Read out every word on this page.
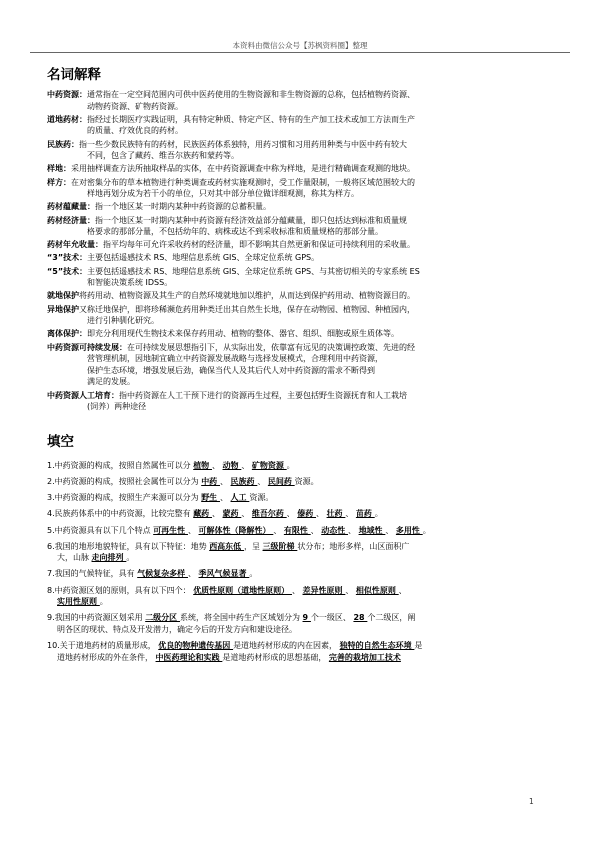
本资料由微信公众号【苏枫资料圈】整理
名词解释
中药资源：通常指在一定空间范围内可供中医药使用的生物资源和非生物资源的总称，包括植物药资源、
动物药资源、矿物药资源。
道地药材：指经过长期医疗实践证明，具有特定种质、特定产区、特有的生产加工技术或加工方法而生产
的质量、疗效优良的药材。
民族药：指一些少数民族特有的药材，民族医药体系独特，用药习惯和习用药用种类与中医中药有较大
不同，包含了藏药、维吾尔族药和蒙药等。
样地：采用抽样调查方法所抽取样品的实体，在中药资源调查中称为样地，是进行精确调查观测的地块。
样方：在对密集分布的草本植物进行种类调查或药材实施观测时，受工作量限制，一般将区域范围较大的
样地再划分成为若干小的单位，只对其中部分单位做详细观测，称其为样方。
药材蕴藏量：指一个地区某一时期内某种中药资源的总蓄积量。
药材经济量：指一个地区某一时期内某种中药资源有经济效益部分蕴藏量，即只包括达到标准和质量规
格要求的那部分量，不包括幼年的、病株或达不到采收标准和质量规格的那部分量。
药材年允收量：指平均每年可允许采收药材的经济量，即不影响其自然更新和保证可持续利用的采收量。
“3”技术：主要包括遥感技术 RS、地理信息系统 GIS、全球定位系统 GPS。
“5”技术：主要包括遥感技术 RS、地理信息系统 GIS、全球定位系统 GPS、与其密切相关的专家系统 ES
和智能决策系统 IDSS。
就地保护将药用动、植物资源及其生产的自然环境就地加以维护，从而达到保护药用动、植物资源目的。
异地保护又称迁地保护，即将珍稀濒危药用种类迁出其自然生长地，保存在动物园、植物园、种植园内，
进行引种驯化研究。
离体保护：即充分利用现代生物技术来保存药用动、植物的整体、器官、组织、细胞或原生质体等。
中药资源可持续发展：在可持续发展思想指引下，从实际出发，依靠富有远见的决策调控政策、先进的经
营管理机制，因地制宜确立中药资源发展战略与选择发展模式，合理利用中药资源，
保护生态环境，增强发展后劲，确保当代人及其后代人对中药资源的需求不断得到
满足的发展。
中药资源人工培育：指中药资源在人工干预下进行的资源再生过程，主要包括野生资源抚育和人工栽培
(饲养）两种途径
填空
1.中药资源的构成，按照自然属性可以分 植物 、 动物 、 矿物资源 。
2.中药资源的构成，按照社会属性可以分为 中药 、 民族药 、 民间药 资源。
3.中药资源的构成，按照生产来源可以分为 野生 、 人工 资源。
4.民族药体系中的中药资源，比较完整有 藏药 、 蒙药 、 维吾尔药 、 傣药 、 壮药 、 苗药 。
5.中药资源具有以下几个特点 可再生性 、 可解体性（降解性） 、 有限性 、 动态性 、 地域性 、 多用性 。
6.我国的地形地貌特征，具有以下特征：地势 西高东低 ，呈 三级阶梯 状分布；地形多样，山区面积广
大，山脉 走向排列 。
7.我国的气候特征，具有 气候复杂多样 、 季风气候显著 。
8.中药资源区划的原则，具有以下四个： 优质性原则（道地性原则） 、 差异性原则 、 相似性原则 、
实用性原则 。
9.我国的中药资源区划采用 二级分区 系统，将全国中药生产区域划分为 9 个一级区、 28 个二级区，阐
明各区的现状、特点及开发潜力，确定今后的开发方向和建设途径。
10.关于道地药材的质量形成， 优良的物种遗传基因 是道地药材形成的内在因素， 独特的自然生态环境 是
道地药材形成的外在条件， 中医药理论和实践 是道地药材形成的思想基础， 完善的栽培加工技术
1
